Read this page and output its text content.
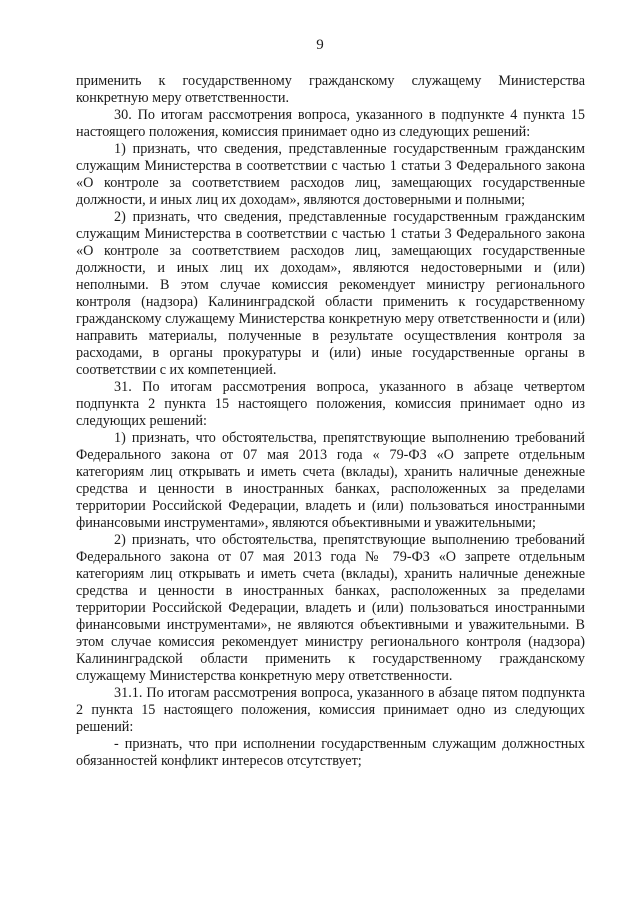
9

применить к государственному гражданскому служащему Министерства конкретную меру ответственности.

30. По итогам рассмотрения вопроса, указанного в подпункте 4 пункта 15 настоящего положения, комиссия принимает одно из следующих решений:

1) признать, что сведения, представленные государственным гражданским служащим Министерства в соответствии с частью 1 статьи 3 Федерального закона «О контроле за соответствием расходов лиц, замещающих государственные должности, и иных лиц их доходам», являются достоверными и полными;

2) признать, что сведения, представленные государственным гражданским служащим Министерства в соответствии с частью 1 статьи 3 Федерального закона «О контроле за соответствием расходов лиц, замещающих государственные должности, и иных лиц их доходам», являются недостоверными и (или) неполными. В этом случае комиссия рекомендует министру регионального контроля (надзора) Калининградской области применить к государственному гражданскому служащему Министерства конкретную меру ответственности и (или) направить материалы, полученные в результате осуществления контроля за расходами, в органы прокуратуры и (или) иные государственные органы в соответствии с их компетенцией.

31. По итогам рассмотрения вопроса, указанного в абзаце четвертом подпункта 2 пункта 15 настоящего положения, комиссия принимает одно из следующих решений:

1) признать, что обстоятельства, препятствующие выполнению требований Федерального закона от 07 мая 2013 года « 79-ФЗ «О запрете отдельным категориям лиц открывать и иметь счета (вклады), хранить наличные денежные средства и ценности в иностранных банках, расположенных за пределами территории Российской Федерации, владеть и (или) пользоваться иностранными финансовыми инструментами», являются объективными и уважительными;

2) признать, что обстоятельства, препятствующие выполнению требований Федерального закона от 07 мая 2013 года № 79-ФЗ «О запрете отдельным категориям лиц открывать и иметь счета (вклады), хранить наличные денежные средства и ценности в иностранных банках, расположенных за пределами территории Российской Федерации, владеть и (или) пользоваться иностранными финансовыми инструментами», не являются объективными и уважительными. В этом случае комиссия рекомендует министру регионального контроля (надзора) Калининградской области применить к государственному гражданскому служащему Министерства конкретную меру ответственности.

31.1. По итогам рассмотрения вопроса, указанного в абзаце пятом подпункта 2 пункта 15 настоящего положения, комиссия принимает одно из следующих решений:

- признать, что при исполнении государственным служащим должностных обязанностей конфликт интересов отсутствует;
